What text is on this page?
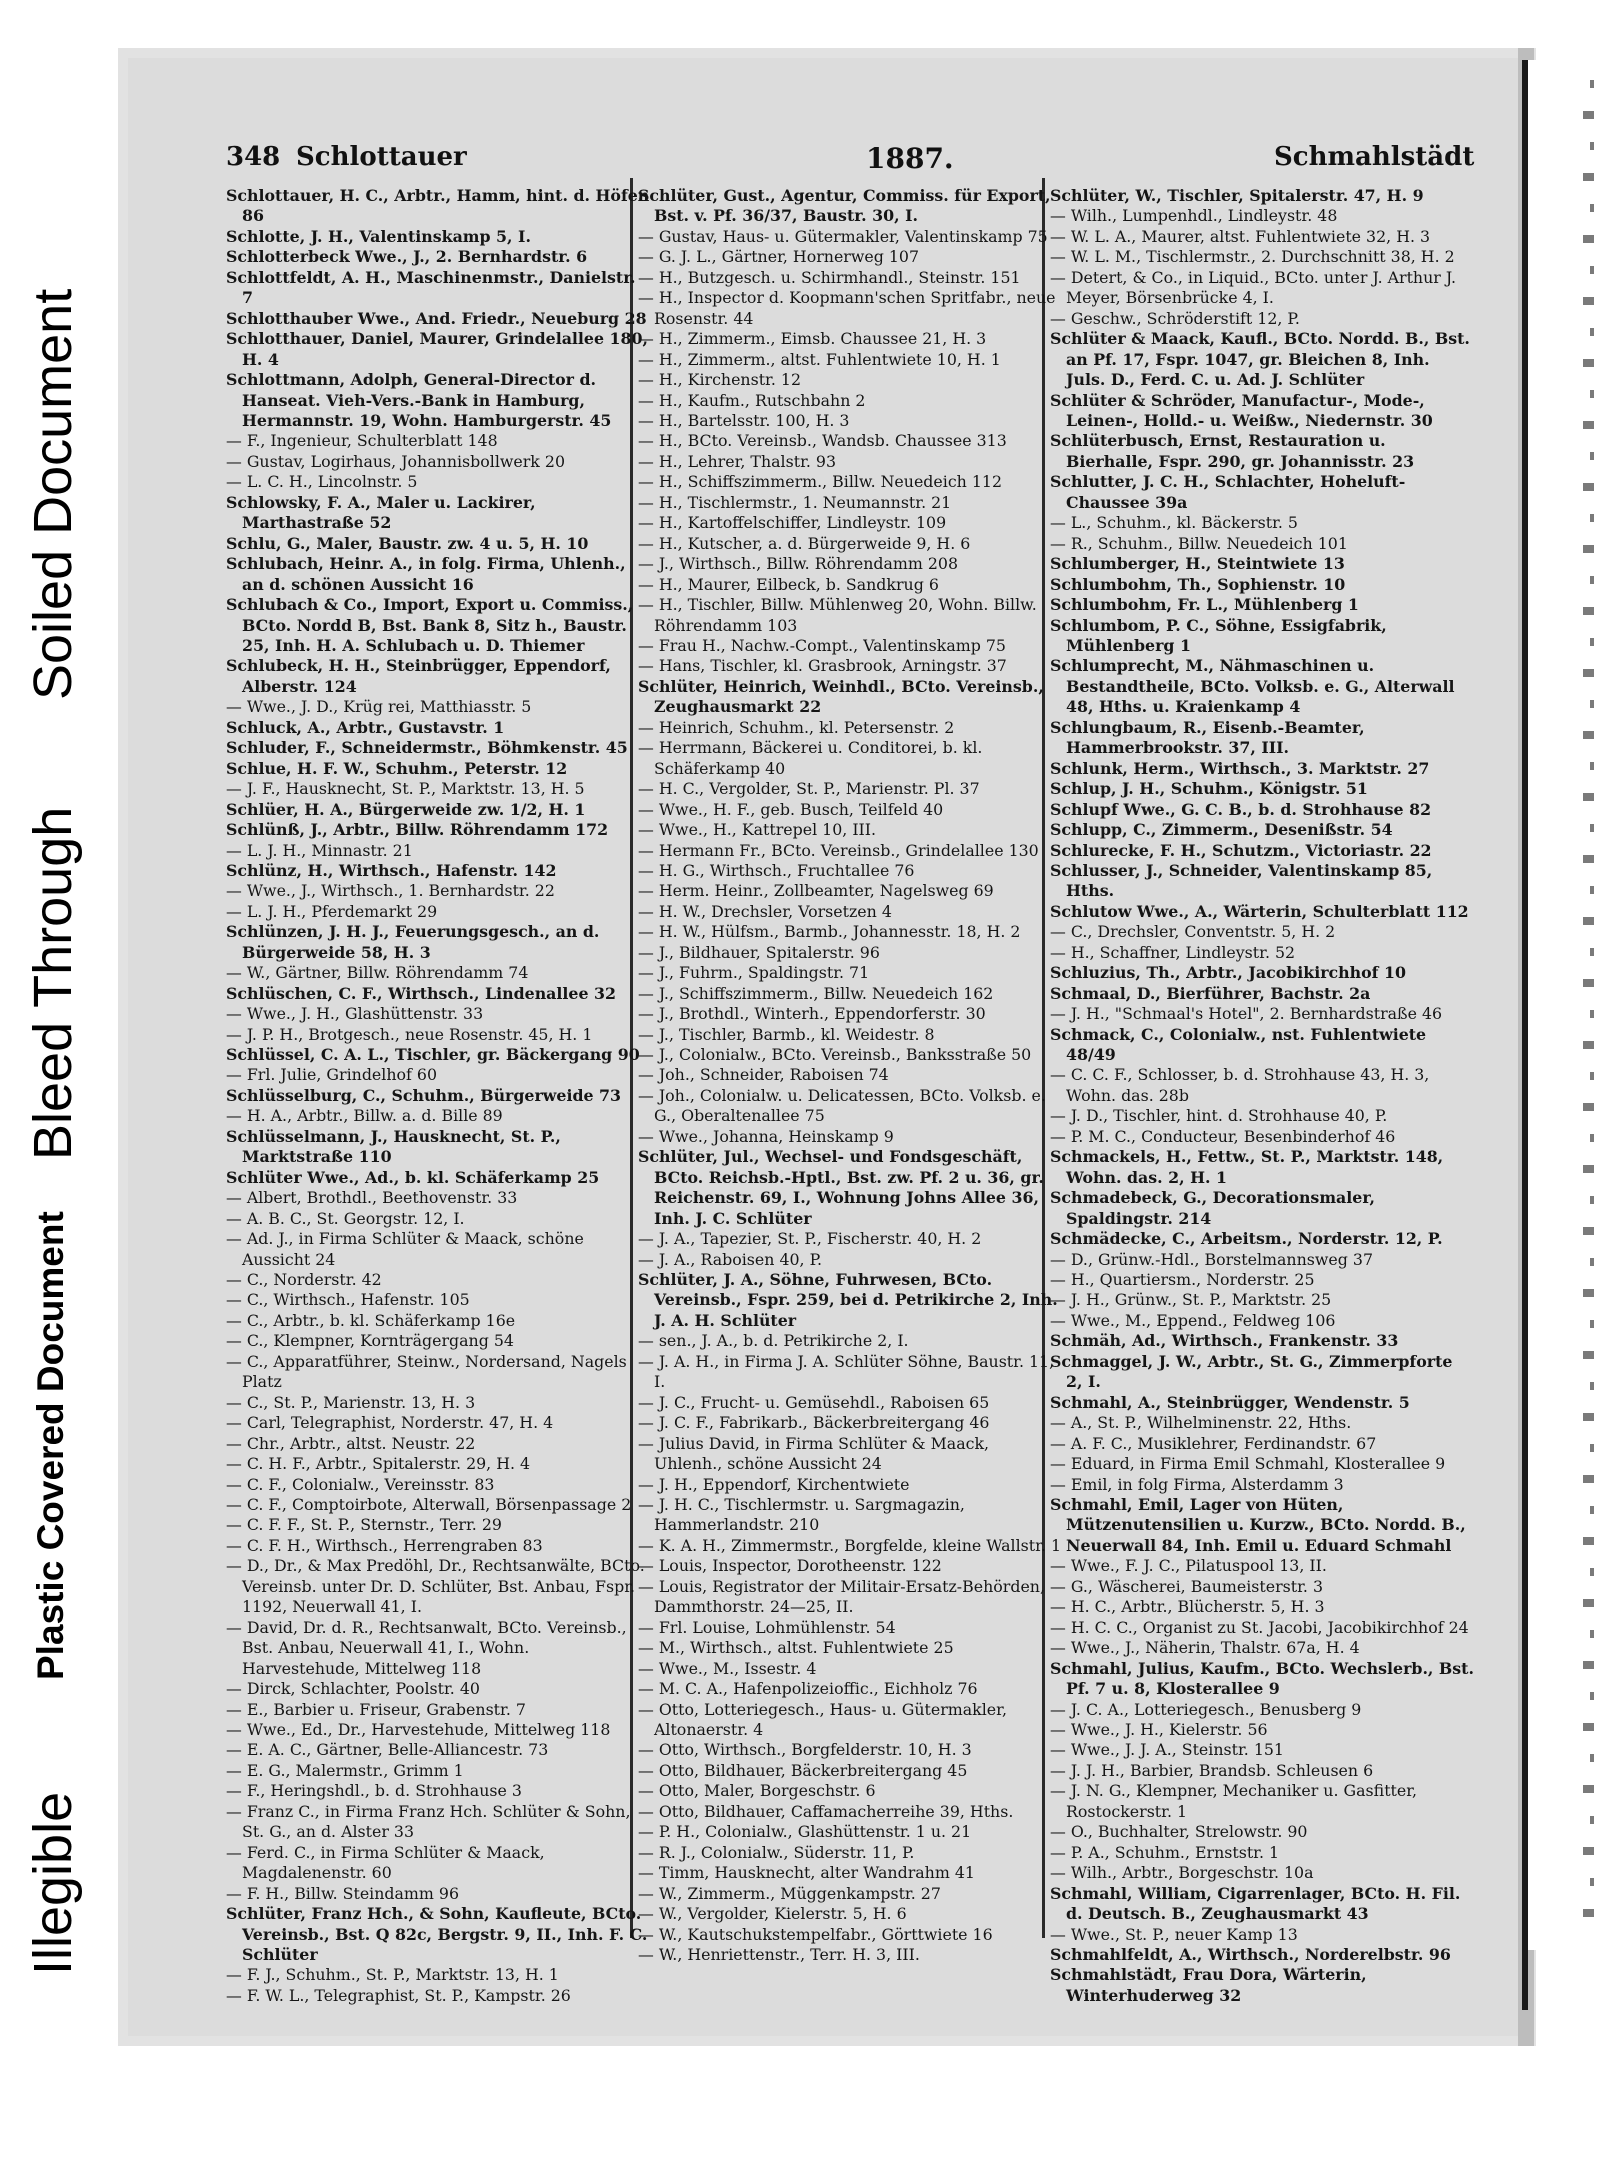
Illegible
Plastic Covered Document
Bleed Through
Soiled Document
348 Schlottauer	1887.	Schmahlstädt

Schlottauer, H. C., Arbtr., Hamm, hint. d. Höfen 86

Schlotte, J. H., Valentinskamp 5, I.

Schlotterbeck Wwe., J., 2. Bernhardstr. 6

Schlottfeldt, A. H., Maschinenmstr., Danielstr. 7

Schlotthauber Wwe., And. Friedr., Neueburg 28

Schlotthauer, Daniel, Maurer, Grindelallee 180, H. 4

Schlottmann, Adolph, General-Director d. Hanseat. Vieh-Vers.-Bank in Hamburg, Hermannstr. 19, Wohn. Hamburgerstr. 45

— F., Ingenieur, Schulterblatt 148

— Gustav, Logirhaus, Johannisbollwerk 20

— L. C. H., Lincolnstr. 5

Schlowsky, F. A., Maler u. Lackirer, Marthastraße 52

Schlu, G., Maler, Baustr. zw. 4 u. 5, H. 10

Schlubach, Heinr. A., in folg. Firma, Uhlenh., an d. schönen Aussicht 16

Schlubach & Co., Import, Export u. Commiss., BCto. Nordd B, Bst. Bank 8, Sitz h., Baustr. 25, Inh. H. A. Schlubach u. D. Thiemer

Schlubeck, H. H., Steinbrügger, Eppendorf, Alberstr. 124

— Wwe., J. D., Krüg rei, Matthiasstr. 5

Schluck, A., Arbtr., Gustavstr. 1

Schluder, F., Schneidermstr., Böhmkenstr. 45

Schlue, H. F. W., Schuhm., Peterstr. 12

— J. F., Hausknecht, St. P., Marktstr. 13, H. 5

Schlüer, H. A., Bürgerweide zw. 1/2, H. 1

Schlünß, J., Arbtr., Billw. Röhrendamm 172

— L. J. H., Minnastr. 21

Schlünz, H., Wirthsch., Hafenstr. 142

— Wwe., J., Wirthsch., 1. Bernhardstr. 22

— L. J. H., Pferdemarkt 29

Schlünzen, J. H. J., Feuerungsgesch., an d. Bürgerweide 58, H. 3

— W., Gärtner, Billw. Röhrendamm 74

Schlüschen, C. F., Wirthsch., Lindenallee 32

— Wwe., J. H., Glashüttenstr. 33

— J. P. H., Brotgesch., neue Rosenstr. 45, H. 1

Schlüssel, C. A. L., Tischler, gr. Bäckergang 90

— Frl. Julie, Grindelhof 60

Schlüsselburg, C., Schuhm., Bürgerweide 73

— H. A., Arbtr., Billw. a. d. Bille 89

Schlüsselmann, J., Hausknecht, St. P., Marktstraße 110

Schlüter Wwe., Ad., b. kl. Schäferkamp 25

— Albert, Brothdl., Beethovenstr. 33

— A. B. C., St. Georgstr. 12, I.

— Ad. J., in Firma Schlüter & Maack, schöne Aussicht 24

— C., Norderstr. 42

— C., Wirthsch., Hafenstr. 105

— C., Arbtr., b. kl. Schäferkamp 16e

— C., Klempner, Kornträgergang 54

— C., Apparatführer, Steinw., Nordersand, Nagels Platz

— C., St. P., Marienstr. 13, H. 3

— Carl, Telegraphist, Norderstr. 47, H. 4

— Chr., Arbtr., altst. Neustr. 22

— C. H. F., Arbtr., Spitalerstr. 29, H. 4

— C. F., Colonialw., Vereinsstr. 83

— C. F., Comptoirbote, Alterwall, Börsenpassage 2

— C. F. F., St. P., Sternstr., Terr. 29

— C. F. H., Wirthsch., Herrengraben 83

— D., Dr., & Max Predöhl, Dr., Rechtsanwälte, BCto. Vereinsb. unter Dr. D. Schlüter, Bst. Anbau, Fspr. 1192, Neuerwall 41, I.

— David, Dr. d. R., Rechtsanwalt, BCto. Vereinsb., Bst. Anbau, Neuerwall 41, I., Wohn. Harvestehude, Mittelweg 118

— Dirck, Schlachter, Poolstr. 40

— E., Barbier u. Friseur, Grabenstr. 7

— Wwe., Ed., Dr., Harvestehude, Mittelweg 118

— E. A. C., Gärtner, Belle-Alliancestr. 73

— E. G., Malermstr., Grimm 1

— F., Heringshdl., b. d. Strohhause 3

— Franz C., in Firma Franz Hch. Schlüter & Sohn, St. G., an d. Alster 33

— Ferd. C., in Firma Schlüter & Maack, Magdalenenstr. 60

— F. H., Billw. Steindamm 96

Schlüter, Franz Hch., & Sohn, Kaufleute, BCto. Vereinsb., Bst. Q 82c, Bergstr. 9, II., Inh. F. C. Schlüter

— F. J., Schuhm., St. P., Marktstr. 13, H. 1

— F. W. L., Telegraphist, St. P., Kampstr. 26

Schlüter, Gust., Agentur, Commiss. für Export, Bst. v. Pf. 36/37, Baustr. 30, I.

— Gustav, Haus- u. Gütermakler, Valentinskamp 75

— G. J. L., Gärtner, Hornerweg 107

— H., Butzgesch. u. Schirmhandl., Steinstr. 151

— H., Inspector d. Koopmann'schen Spritfabr., neue Rosenstr. 44

— H., Zimmerm., Eimsb. Chaussee 21, H. 3

— H., Zimmerm., altst. Fuhlentwiete 10, H. 1

— H., Kirchenstr. 12

— H., Kaufm., Rutschbahn 2

— H., Bartelsstr. 100, H. 3

— H., BCto. Vereinsb., Wandsb. Chaussee 313

— H., Lehrer, Thalstr. 93

— H., Schiffszimmerm., Billw. Neuedeich 112

— H., Tischlermstr., 1. Neumannstr. 21

— H., Kartoffelschiffer, Lindleystr. 109

— H., Kutscher, a. d. Bürgerweide 9, H. 6

— J., Wirthsch., Billw. Röhrendamm 208

— H., Maurer, Eilbeck, b. Sandkrug 6

— H., Tischler, Billw. Mühlenweg 20, Wohn. Billw. Röhrendamm 103

— Frau H., Nachw.-Compt., Valentinskamp 75

— Hans, Tischler, kl. Grasbrook, Arningstr. 37

Schlüter, Heinrich, Weinhdl., BCto. Vereinsb., Zeughausmarkt 22

— Heinrich, Schuhm., kl. Petersenstr. 2

— Herrmann, Bäckerei u. Conditorei, b. kl. Schäferkamp 40

— H. C., Vergolder, St. P., Marienstr. Pl. 37

— Wwe., H. F., geb. Busch, Teilfeld 40

— Wwe., H., Kattrepel 10, III.

— Hermann Fr., BCto. Vereinsb., Grindelallee 130

— H. G., Wirthsch., Fruchtallee 76

— Herm. Heinr., Zollbeamter, Nagelsweg 69

— H. W., Drechsler, Vorsetzen 4

— H. W., Hülfsm., Barmb., Johannesstr. 18, H. 2

— J., Bildhauer, Spitalerstr. 96

— J., Fuhrm., Spaldingstr. 71

— J., Schiffszimmerm., Billw. Neuedeich 162

— J., Brothdl., Winterh., Eppendorferstr. 30

— J., Tischler, Barmb., kl. Weidestr. 8

— J., Colonialw., BCto. Vereinsb., Banksstraße 50

— Joh., Schneider, Raboisen 74

— Joh., Colonialw. u. Delicatessen, BCto. Volksb. e. G., Oberaltenallee 75

— Wwe., Johanna, Heinskamp 9

Schlüter, Jul., Wechsel- und Fondsgeschäft, BCto. Reichsb.-Hptl., Bst. zw. Pf. 2 u. 36, gr. Reichenstr. 69, I., Wohnung Johns Allee 36, Inh. J. C. Schlüter

— J. A., Tapezier, St. P., Fischerstr. 40, H. 2

— J. A., Raboisen 40, P.

Schlüter, J. A., Söhne, Fuhrwesen, BCto. Vereinsb., Fspr. 259, bei d. Petrikirche 2, Inh. J. A. H. Schlüter

— sen., J. A., b. d. Petrikirche 2, I.

— J. A. H., in Firma J. A. Schlüter Söhne, Baustr. 11, I.

— J. C., Frucht- u. Gemüsehdl., Raboisen 65

— J. C. F., Fabrikarb., Bäckerbreitergang 46

— Julius David, in Firma Schlüter & Maack, Uhlenh., schöne Aussicht 24

— J. H., Eppendorf, Kirchentwiete

— J. H. C., Tischlermstr. u. Sargmagazin, Hammerlandstr. 210

— K. A. H., Zimmermstr., Borgfelde, kleine Wallstr. 1

— Louis, Inspector, Dorotheenstr. 122

— Louis, Registrator der Militair-Ersatz-Behörden, Dammthorstr. 24—25, II.

— Frl. Louise, Lohmühlenstr. 54

— M., Wirthsch., altst. Fuhlentwiete 25

— Wwe., M., Issestr. 4

— M. C. A., Hafenpolizeioffic., Eichholz 76

— Otto, Lotteriegesch., Haus- u. Gütermakler, Altonaerstr. 4

— Otto, Wirthsch., Borgfelderstr. 10, H. 3

— Otto, Bildhauer, Bäckerbreitergang 45

— Otto, Maler, Borgeschstr. 6

— Otto, Bildhauer, Caffamacherreihe 39, Hths.

— P. H., Colonialw., Glashüttenstr. 1 u. 21

— R. J., Colonialw., Süderstr. 11, P.

— Timm, Hausknecht, alter Wandrahm 41

— W., Zimmerm., Müggenkampstr. 27

— W., Vergolder, Kielerstr. 5, H. 6

— W., Kautschukstempelfabr., Görttwiete 16

— W., Henriettenstr., Terr. H. 3, III.

Schlüter, W., Tischler, Spitalerstr. 47, H. 9

— Wilh., Lumpenhdl., Lindleystr. 48

— W. L. A., Maurer, altst. Fuhlentwiete 32, H. 3

— W. L. M., Tischlermstr., 2. Durchschnitt 38, H. 2

— Detert, & Co., in Liquid., BCto. unter J. Arthur J. Meyer, Börsenbrücke 4, I.

— Geschw., Schröderstift 12, P.

Schlüter & Maack, Kaufl., BCto. Nordd. B., Bst. an Pf. 17, Fspr. 1047, gr. Bleichen 8, Inh. Juls. D., Ferd. C. u. Ad. J. Schlüter

Schlüter & Schröder, Manufactur-, Mode-, Leinen-, Holld.- u. Weißw., Niedernstr. 30

Schlüterbusch, Ernst, Restauration u. Bierhalle, Fspr. 290, gr. Johannisstr. 23

Schlutter, J. C. H., Schlachter, Hoheluft-Chaussee 39a

— L., Schuhm., kl. Bäckerstr. 5

— R., Schuhm., Billw. Neuedeich 101

Schlumberger, H., Steintwiete 13

Schlumbohm, Th., Sophienstr. 10

Schlumbohm, Fr. L., Mühlenberg 1

Schlumbom, P. C., Söhne, Essigfabrik, Mühlenberg 1

Schlumprecht, M., Nähmaschinen u. Bestandtheile, BCto. Volksb. e. G., Alterwall 48, Hths. u. Kraienkamp 4

Schlungbaum, R., Eisenb.-Beamter, Hammerbrookstr. 37, III.

Schlunk, Herm., Wirthsch., 3. Marktstr. 27

Schlup, J. H., Schuhm., Königstr. 51

Schlupf Wwe., G. C. B., b. d. Strohhause 82

Schlupp, C., Zimmerm., Desenißstr. 54

Schlurecke, F. H., Schutzm., Victoriastr. 22

Schlusser, J., Schneider, Valentinskamp 85, Hths.

Schlutow Wwe., A., Wärterin, Schulterblatt 112

— C., Drechsler, Conventstr. 5, H. 2

— H., Schaffner, Lindleystr. 52

Schluzius, Th., Arbtr., Jacobikirchhof 10

Schmaal, D., Bierführer, Bachstr. 2a

— J. H., "Schmaal's Hotel", 2. Bernhardstraße 46

Schmack, C., Colonialw., nst. Fuhlentwiete 48/49

— C. C. F., Schlosser, b. d. Strohhause 43, H. 3, Wohn. das. 28b

— J. D., Tischler, hint. d. Strohhause 40, P.

— P. M. C., Conducteur, Besenbinderhof 46

Schmackels, H., Fettw., St. P., Marktstr. 148, Wohn. das. 2, H. 1

Schmadebeck, G., Decorationsmaler, Spaldingstr. 214

Schmädecke, C., Arbeitsm., Norderstr. 12, P.

— D., Grünw.-Hdl., Borstelmannsweg 37

— H., Quartiersm., Norderstr. 25

— J. H., Grünw., St. P., Marktstr. 25

— Wwe., M., Eppend., Feldweg 106

Schmäh, Ad., Wirthsch., Frankenstr. 33

Schmaggel, J. W., Arbtr., St. G., Zimmerpforte 2, I.

Schmahl, A., Steinbrügger, Wendenstr. 5

— A., St. P., Wilhelminenstr. 22, Hths.

— A. F. C., Musiklehrer, Ferdinandstr. 67

— Eduard, in Firma Emil Schmahl, Klosterallee 9

— Emil, in folg Firma, Alsterdamm 3

Schmahl, Emil, Lager von Hüten, Mützenutensilien u. Kurzw., BCto. Nordd. B., Neuerwall 84, Inh. Emil u. Eduard Schmahl

— Wwe., F. J. C., Pilatuspool 13, II.

— G., Wäscherei, Baumeisterstr. 3

— H. C., Arbtr., Blücherstr. 5, H. 3

— H. C. C., Organist zu St. Jacobi, Jacobikirchhof 24

— Wwe., J., Näherin, Thalstr. 67a, H. 4

Schmahl, Julius, Kaufm., BCto. Wechslerb., Bst. Pf. 7 u. 8, Klosterallee 9

— J. C. A., Lotteriegesch., Benusberg 9

— Wwe., J. H., Kielerstr. 56

— Wwe., J. J. A., Steinstr. 151

— J. J. H., Barbier, Brandsb. Schleusen 6

— J. N. G., Klempner, Mechaniker u. Gasfitter, Rostockerstr. 1

— O., Buchhalter, Strelowstr. 90

— P. A., Schuhm., Ernststr. 1

— Wilh., Arbtr., Borgeschstr. 10a

Schmahl, William, Cigarrenlager, BCto. H. Fil. d. Deutsch. B., Zeughausmarkt 43

— Wwe., St. P., neuer Kamp 13

Schmahlfeldt, A., Wirthsch., Norderelbstr. 96

Schmahlstädt, Frau Dora, Wärterin, Winterhuderweg 32
